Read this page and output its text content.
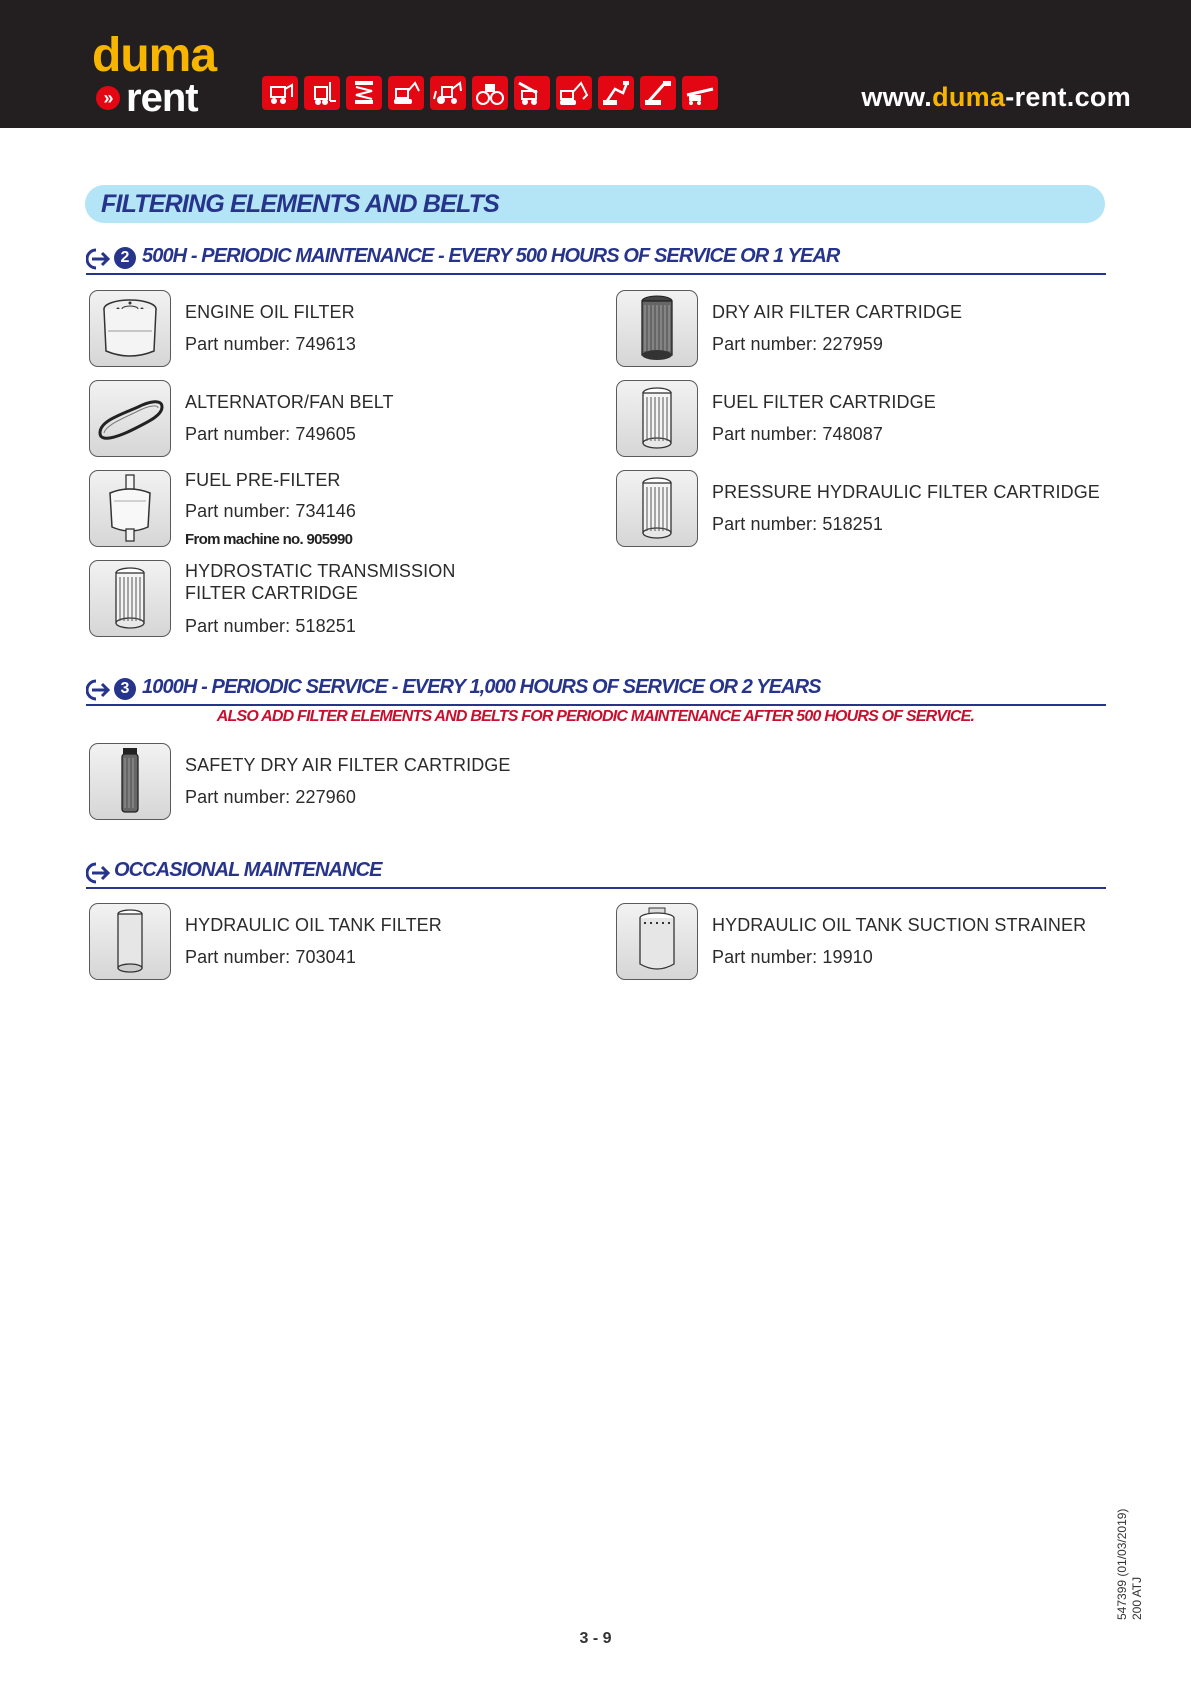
duma
» rent	www.duma-rent.com
FILTERING ELEMENTS AND BELTS
2 500H - PERIODIC MAINTENANCE - EVERY 500 HOURS OF SERVICE OR 1 YEAR
ENGINE OIL FILTER
Part number: 749613
ALTERNATOR/FAN BELT
Part number: 749605
FUEL PRE-FILTER
Part number: 734146
From machine no. 905990
HYDROSTATIC TRANSMISSION FILTER CARTRIDGE
Part number: 518251
DRY AIR FILTER CARTRIDGE
Part number: 227959
FUEL FILTER CARTRIDGE
Part number: 748087
PRESSURE HYDRAULIC FILTER CARTRIDGE
Part number: 518251
3 1000H - PERIODIC SERVICE - EVERY 1,000 HOURS OF SERVICE OR 2 YEARS
ALSO ADD FILTER ELEMENTS AND BELTS FOR PERIODIC MAINTENANCE AFTER 500 HOURS OF SERVICE.
SAFETY DRY AIR FILTER CARTRIDGE
Part number: 227960
OCCASIONAL MAINTENANCE
HYDRAULIC OIL TANK FILTER
Part number: 703041
HYDRAULIC OIL TANK SUCTION STRAINER
Part number: 19910
547399 (01/03/2019) 200 ATJ
3 - 9
